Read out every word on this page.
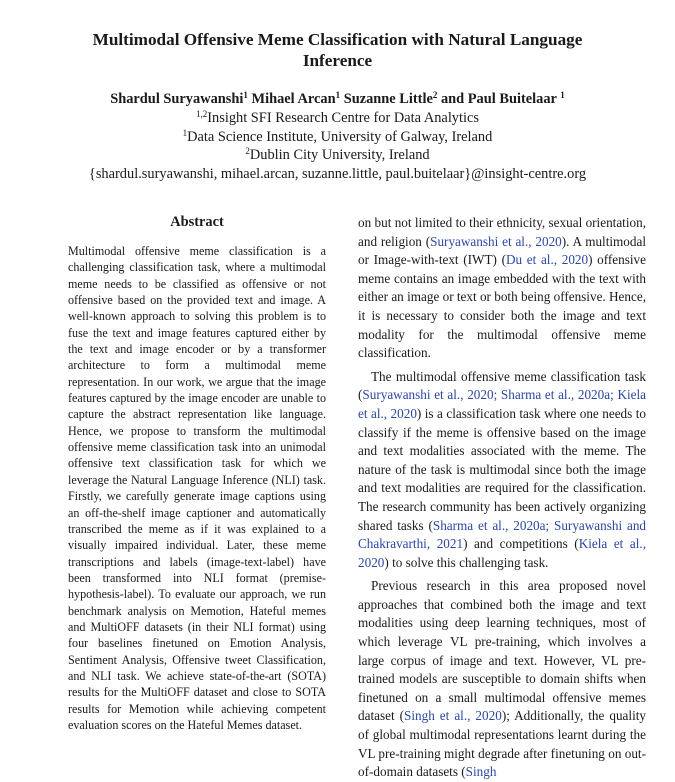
Multimodal Offensive Meme Classification with Natural Language Inference
Shardul Suryawanshi$^1$ Mihael Arcan$^1$ Suzanne Little$^2$ and Paul Buitelaar $^1$
$^{1,2}$Insight SFI Research Centre for Data Analytics
$^1$Data Science Institute, University of Galway, Ireland
$^2$Dublin City University, Ireland
{shardul.suryawanshi, mihael.arcan, suzanne.little, paul.buitelaar}@insight-centre.org
Abstract
Multimodal offensive meme classification is a challenging classification task, where a multimodal meme needs to be classified as offensive or not offensive based on the provided text and image. A well-known approach to solving this problem is to fuse the text and image features captured either by the text and image encoder or by a transformer architecture to form a multimodal meme representation. In our work, we argue that the image features captured by the image encoder are unable to capture the abstract representation like language. Hence, we propose to transform the multimodal offensive meme classification task into an unimodal offensive text classification task for which we leverage the Natural Language Inference (NLI) task. Firstly, we carefully generate image captions using an off-the-shelf image captioner and automatically transcribed the meme as if it was explained to a visually impaired individual. Later, these meme transcriptions and labels (image-text-label) have been transformed into NLI format (premise-hypothesis-label). To evaluate our approach, we run benchmark analysis on Memotion, Hateful memes and MultiOFF datasets (in their NLI format) using four baselines finetuned on Emotion Analysis, Sentiment Analysis, Offensive tweet Classification, and NLI task. We achieve state-of-the-art (SOTA) results for the MultiOFF dataset and close to SOTA results for Memotion while achieving competent evaluation scores on the Hateful Memes dataset.

on but not limited to their ethnicity, sexual orientation, and religion (Suryawanshi et al., 2020). A multimodal or Image-with-text (IWT) (Du et al., 2020) offensive meme contains an image embedded with the text with either an image or text or both being offensive. Hence, it is necessary to consider both the image and text modality for the multimodal offensive meme classification.

The multimodal offensive meme classification task (Suryawanshi et al., 2020; Sharma et al., 2020a; Kiela et al., 2020) is a classification task where one needs to classify if the meme is offensive based on the image and text modalities associated with the meme. The nature of the task is multimodal since both the image and text modalities are required for the classification. The research community has been actively organizing shared tasks (Sharma et al., 2020a; Suryawanshi and Chakravarthi, 2021) and competitions (Kiela et al., 2020) to solve this challenging task.

Previous research in this area proposed novel approaches that combined both the image and text modalities using deep learning techniques, most of which leverage VL pre-training, which involves a large corpus of image and text. However, VL pre-trained models are susceptible to domain shifts when finetuned on a small multimodal offensive memes dataset (Singh et al., 2020); Additionally, the quality of global multimodal representations learnt during the VL pre-training might degrade after finetuning on out-of-domain datasets (Singh
